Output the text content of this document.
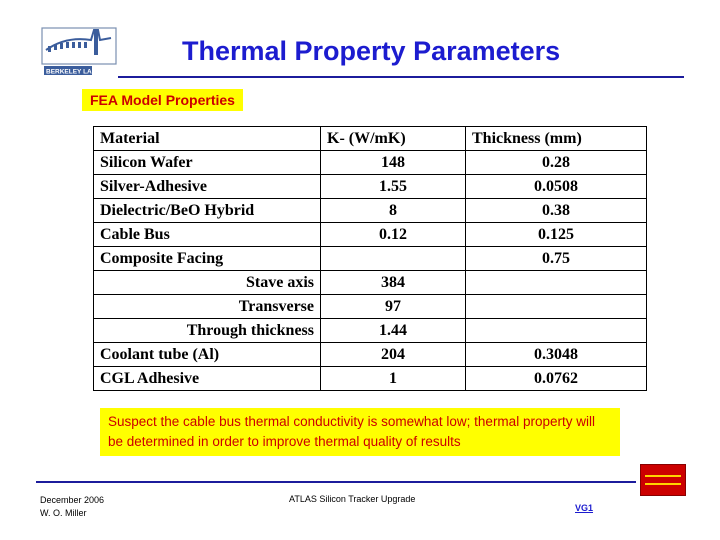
BERKELEY LAB
Thermal Property Parameters
FEA Model Properties
Material	K- (W/mK)	Thickness (mm)
Silicon Wafer	148	0.28
Silver-Adhesive	1.55	0.0508
Dielectric/BeO Hybrid	8	0.38
Cable Bus	0.12	0.125
Composite Facing		0.75
Stave axis	384	
Transverse	97	
Through thickness	1.44	
Coolant tube (Al)	204	0.3048
CGL Adhesive	1	0.0762
Suspect the cable bus thermal conductivity is somewhat low; thermal property will be determined in order to improve thermal quality of results
December 2006
W. O. Miller
ATLAS Silicon Tracker Upgrade
VG1
